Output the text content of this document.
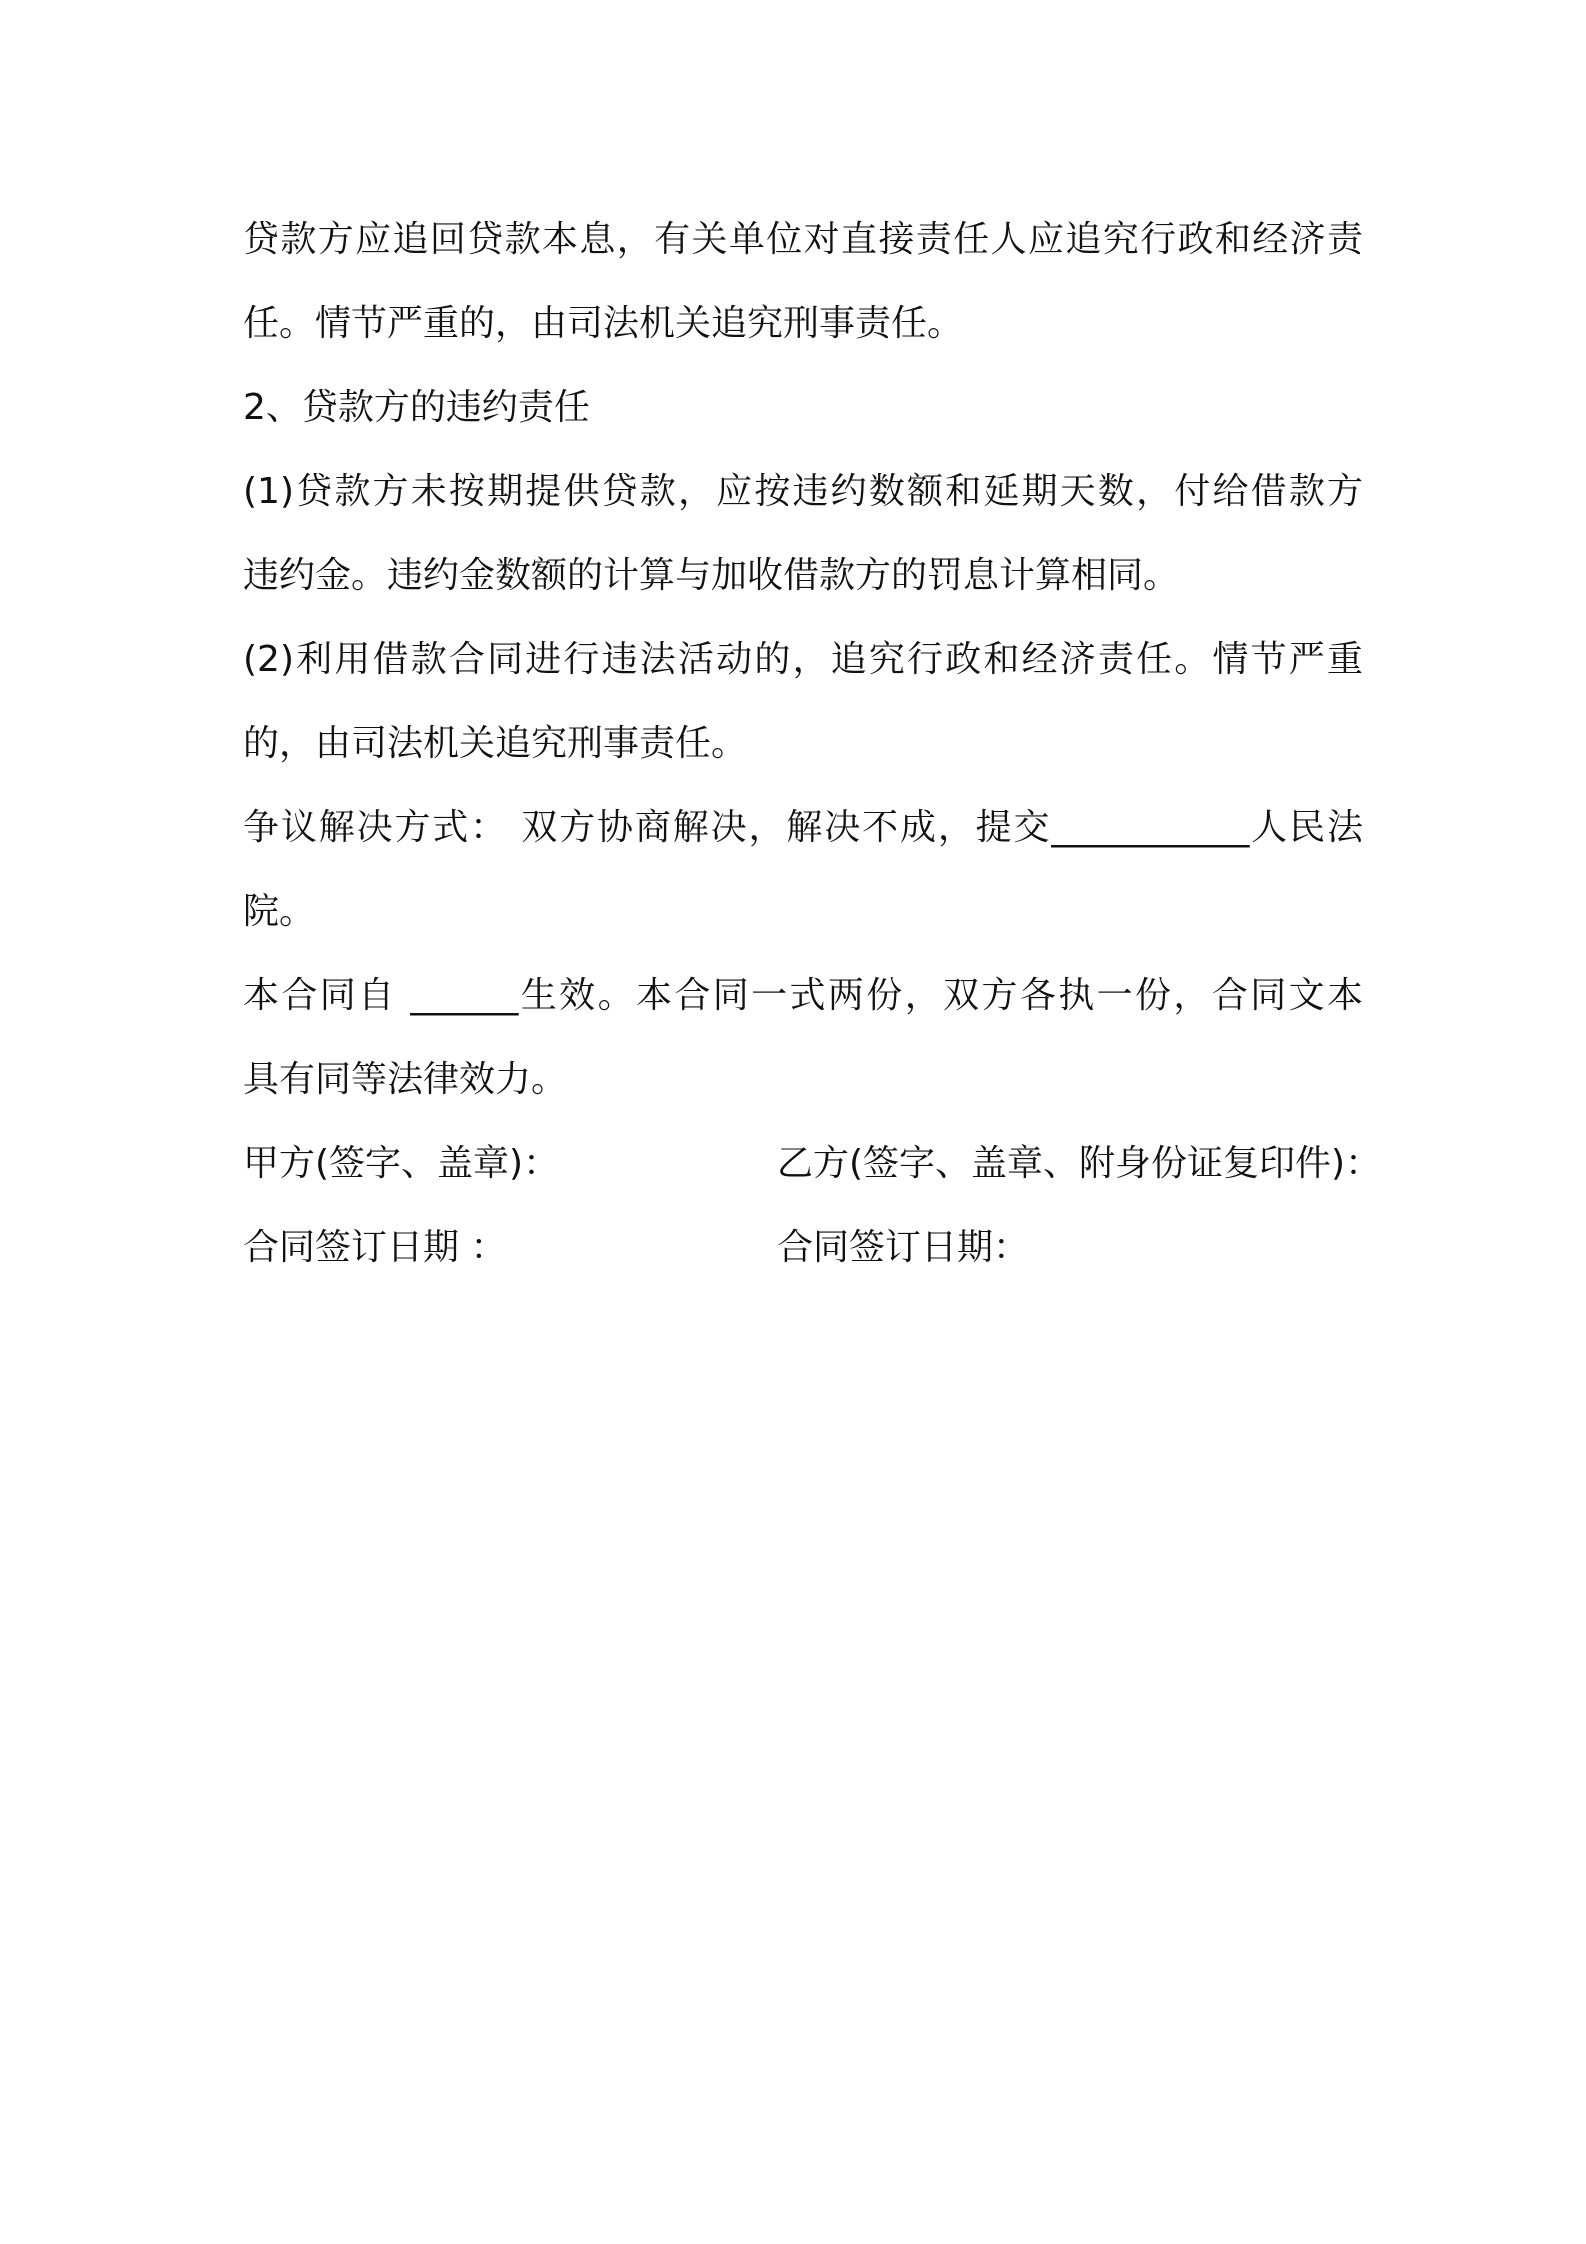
贷款方应追回贷款本息，有关单位对直接责任人应追究行政和经济责

任。情节严重的，由司法机关追究刑事责任。

2、贷款方的违约责任

(1)贷款方未按期提供贷款，应按违约数额和延期天数，付给借款方

违约金。违约金数额的计算与加收借款方的罚息计算相同。

(2)利用借款合同进行违法活动的，追究行政和经济责任。情节严重

的，由司法机关追究刑事责任。

争议解决方式： 双方协商解决，解决不成，提交___________人民法

院。

本合同自 ______生效。本合同一式两份，双方各执一份，合同文本

具有同等法律效力。

甲方(签字、盖章)：	乙方(签字、盖章、附身份证复印件)：
合同签订日期 ：	合同签订日期：
